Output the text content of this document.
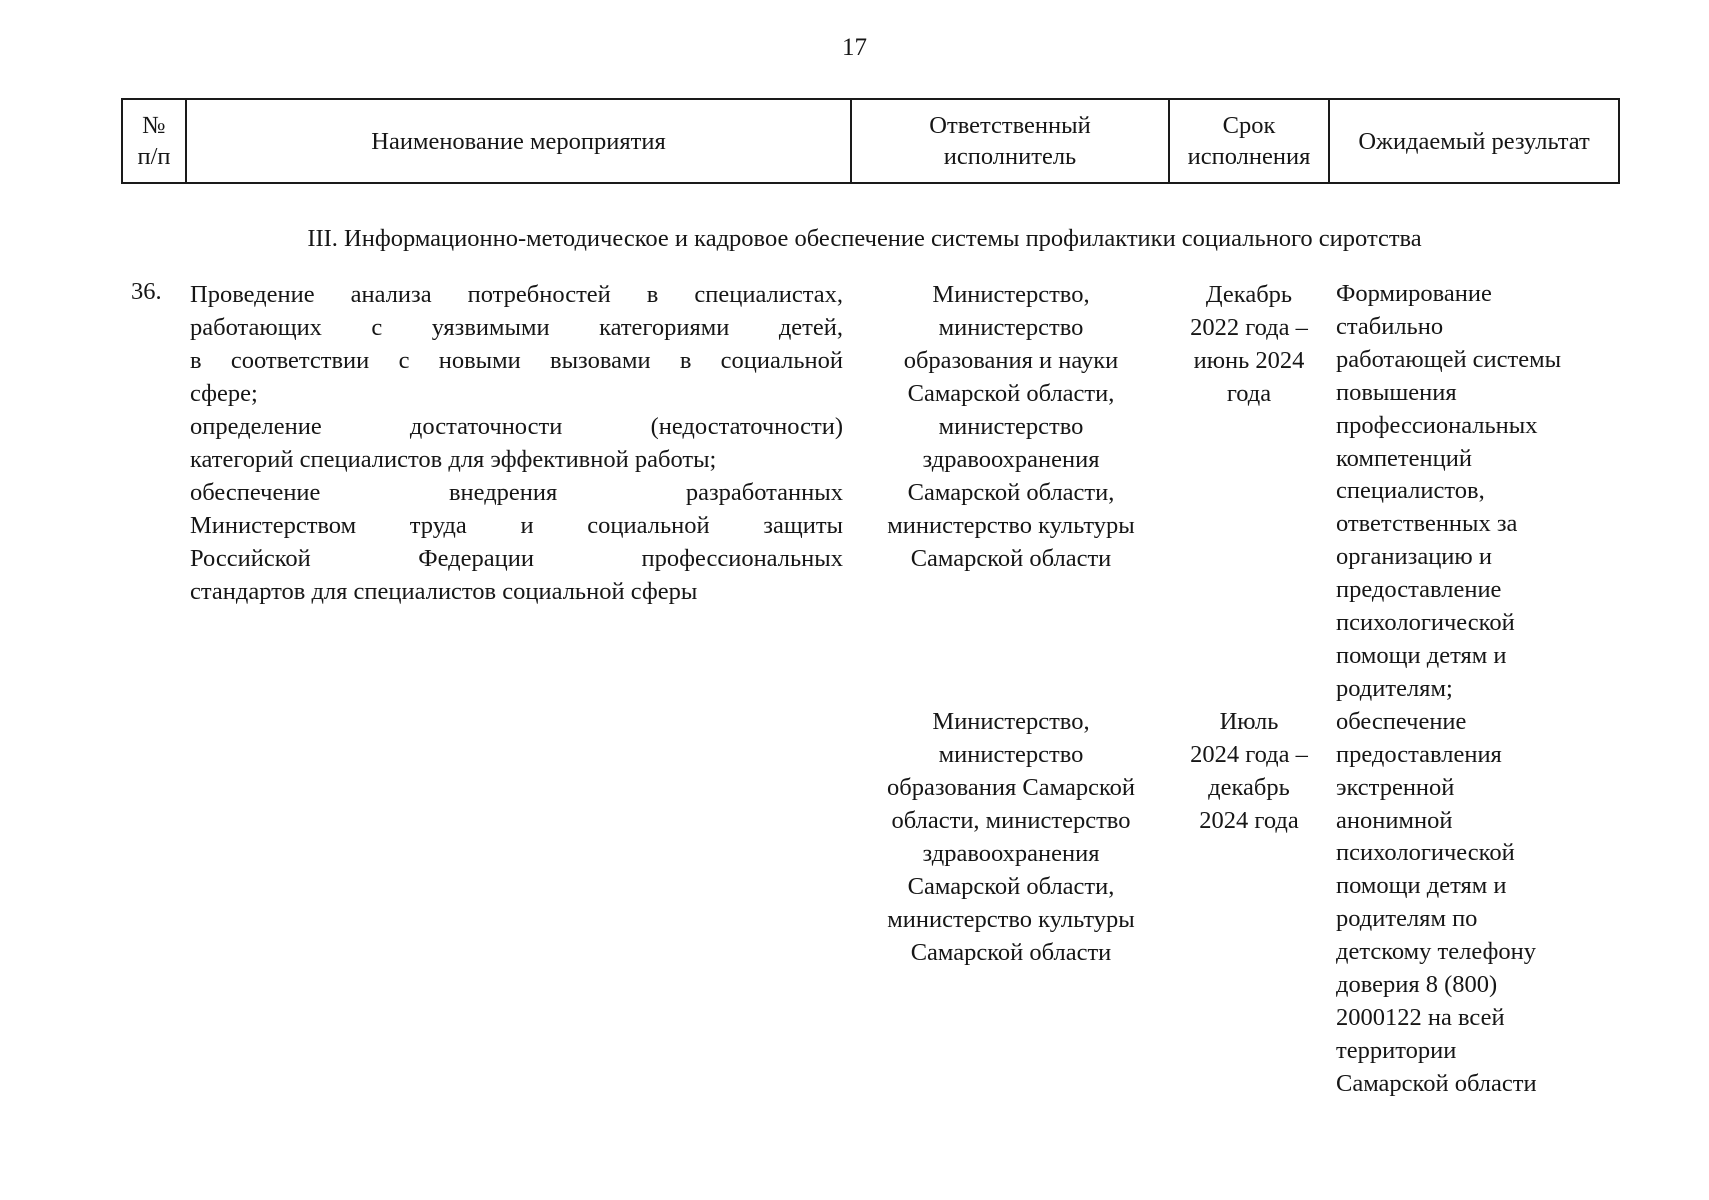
17
№
п/п
Наименование мероприятия
Ответственный
исполнитель
Срок
исполнения
Ожидаемый результат
III. Информационно-методическое и кадровое обеспечение системы профилактики социального сиротства
36. Проведение анализа потребностей в специалистах,
работающих с уязвимыми категориями детей,
в соответствии с новыми вызовами в социальной
сфере;
определение достаточности (недостаточности)
категорий специалистов для эффективной работы;
обеспечение внедрения разработанных
Министерством труда и социальной защиты
Российской Федерации профессиональных
стандартов для специалистов социальной сферы
Министерство,
министерство
образования и науки
Самарской области,
министерство
здравоохранения
Самарской области,
министерство культуры
Самарской области
Декабрь
2022 года –
июнь 2024
года
Министерство,
министерство
образования Самарской
области, министерство
здравоохранения
Самарской области,
министерство культуры
Самарской области
Июль
2024 года –
декабрь
2024 года
Формирование
стабильно
работающей системы
повышения
профессиональных
компетенций
специалистов,
ответственных за
организацию и
предоставление
психологической
помощи детям и
родителям;
обеспечение
предоставления
экстренной
анонимной
психологической
помощи детям и
родителям по
детскому телефону
доверия 8 (800)
2000122 на всей
территории
Самарской области
